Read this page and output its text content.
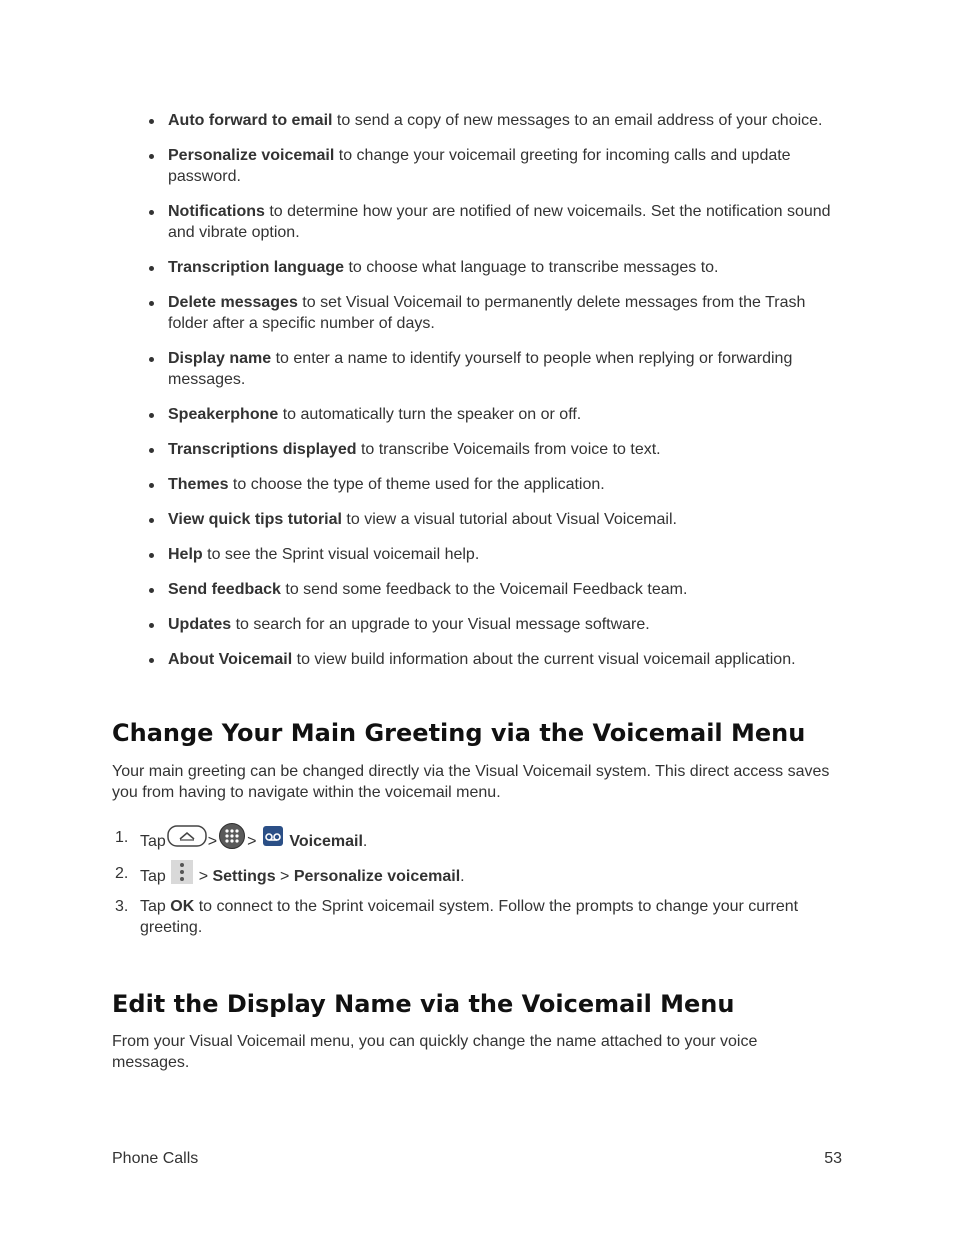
Auto forward to email to send a copy of new messages to an email address of your choice.
Personalize voicemail to change your voicemail greeting for incoming calls and update password.
Notifications to determine how your are notified of new voicemails. Set the notification sound and vibrate option.
Transcription language to choose what language to transcribe messages to.
Delete messages to set Visual Voicemail to permanently delete messages from the Trash folder after a specific number of days.
Display name to enter a name to identify yourself to people when replying or forwarding messages.
Speakerphone to automatically turn the speaker on or off.
Transcriptions displayed to transcribe Voicemails from voice to text.
Themes to choose the type of theme used for the application.
View quick tips tutorial to view a visual tutorial about Visual Voicemail.
Help to see the Sprint visual voicemail help.
Send feedback to send some feedback to the Voicemail Feedback team.
Updates to search for an upgrade to your Visual message software.
About Voicemail to view build information about the current visual voicemail application.
Change Your Main Greeting via the Voicemail Menu

Your main greeting can be changed directly via the Visual Voicemail system. This direct access saves you from having to navigate within the voicemail menu.

1. Tap	> > Voicemail.
2. Tap  > Settings > Personalize voicemail.
3. Tap OK to connect to the Sprint voicemail system. Follow the prompts to change your current greeting.
Edit the Display Name via the Voicemail Menu

From your Visual Voicemail menu, you can quickly change the name attached to your voice messages.

Phone Calls	53
